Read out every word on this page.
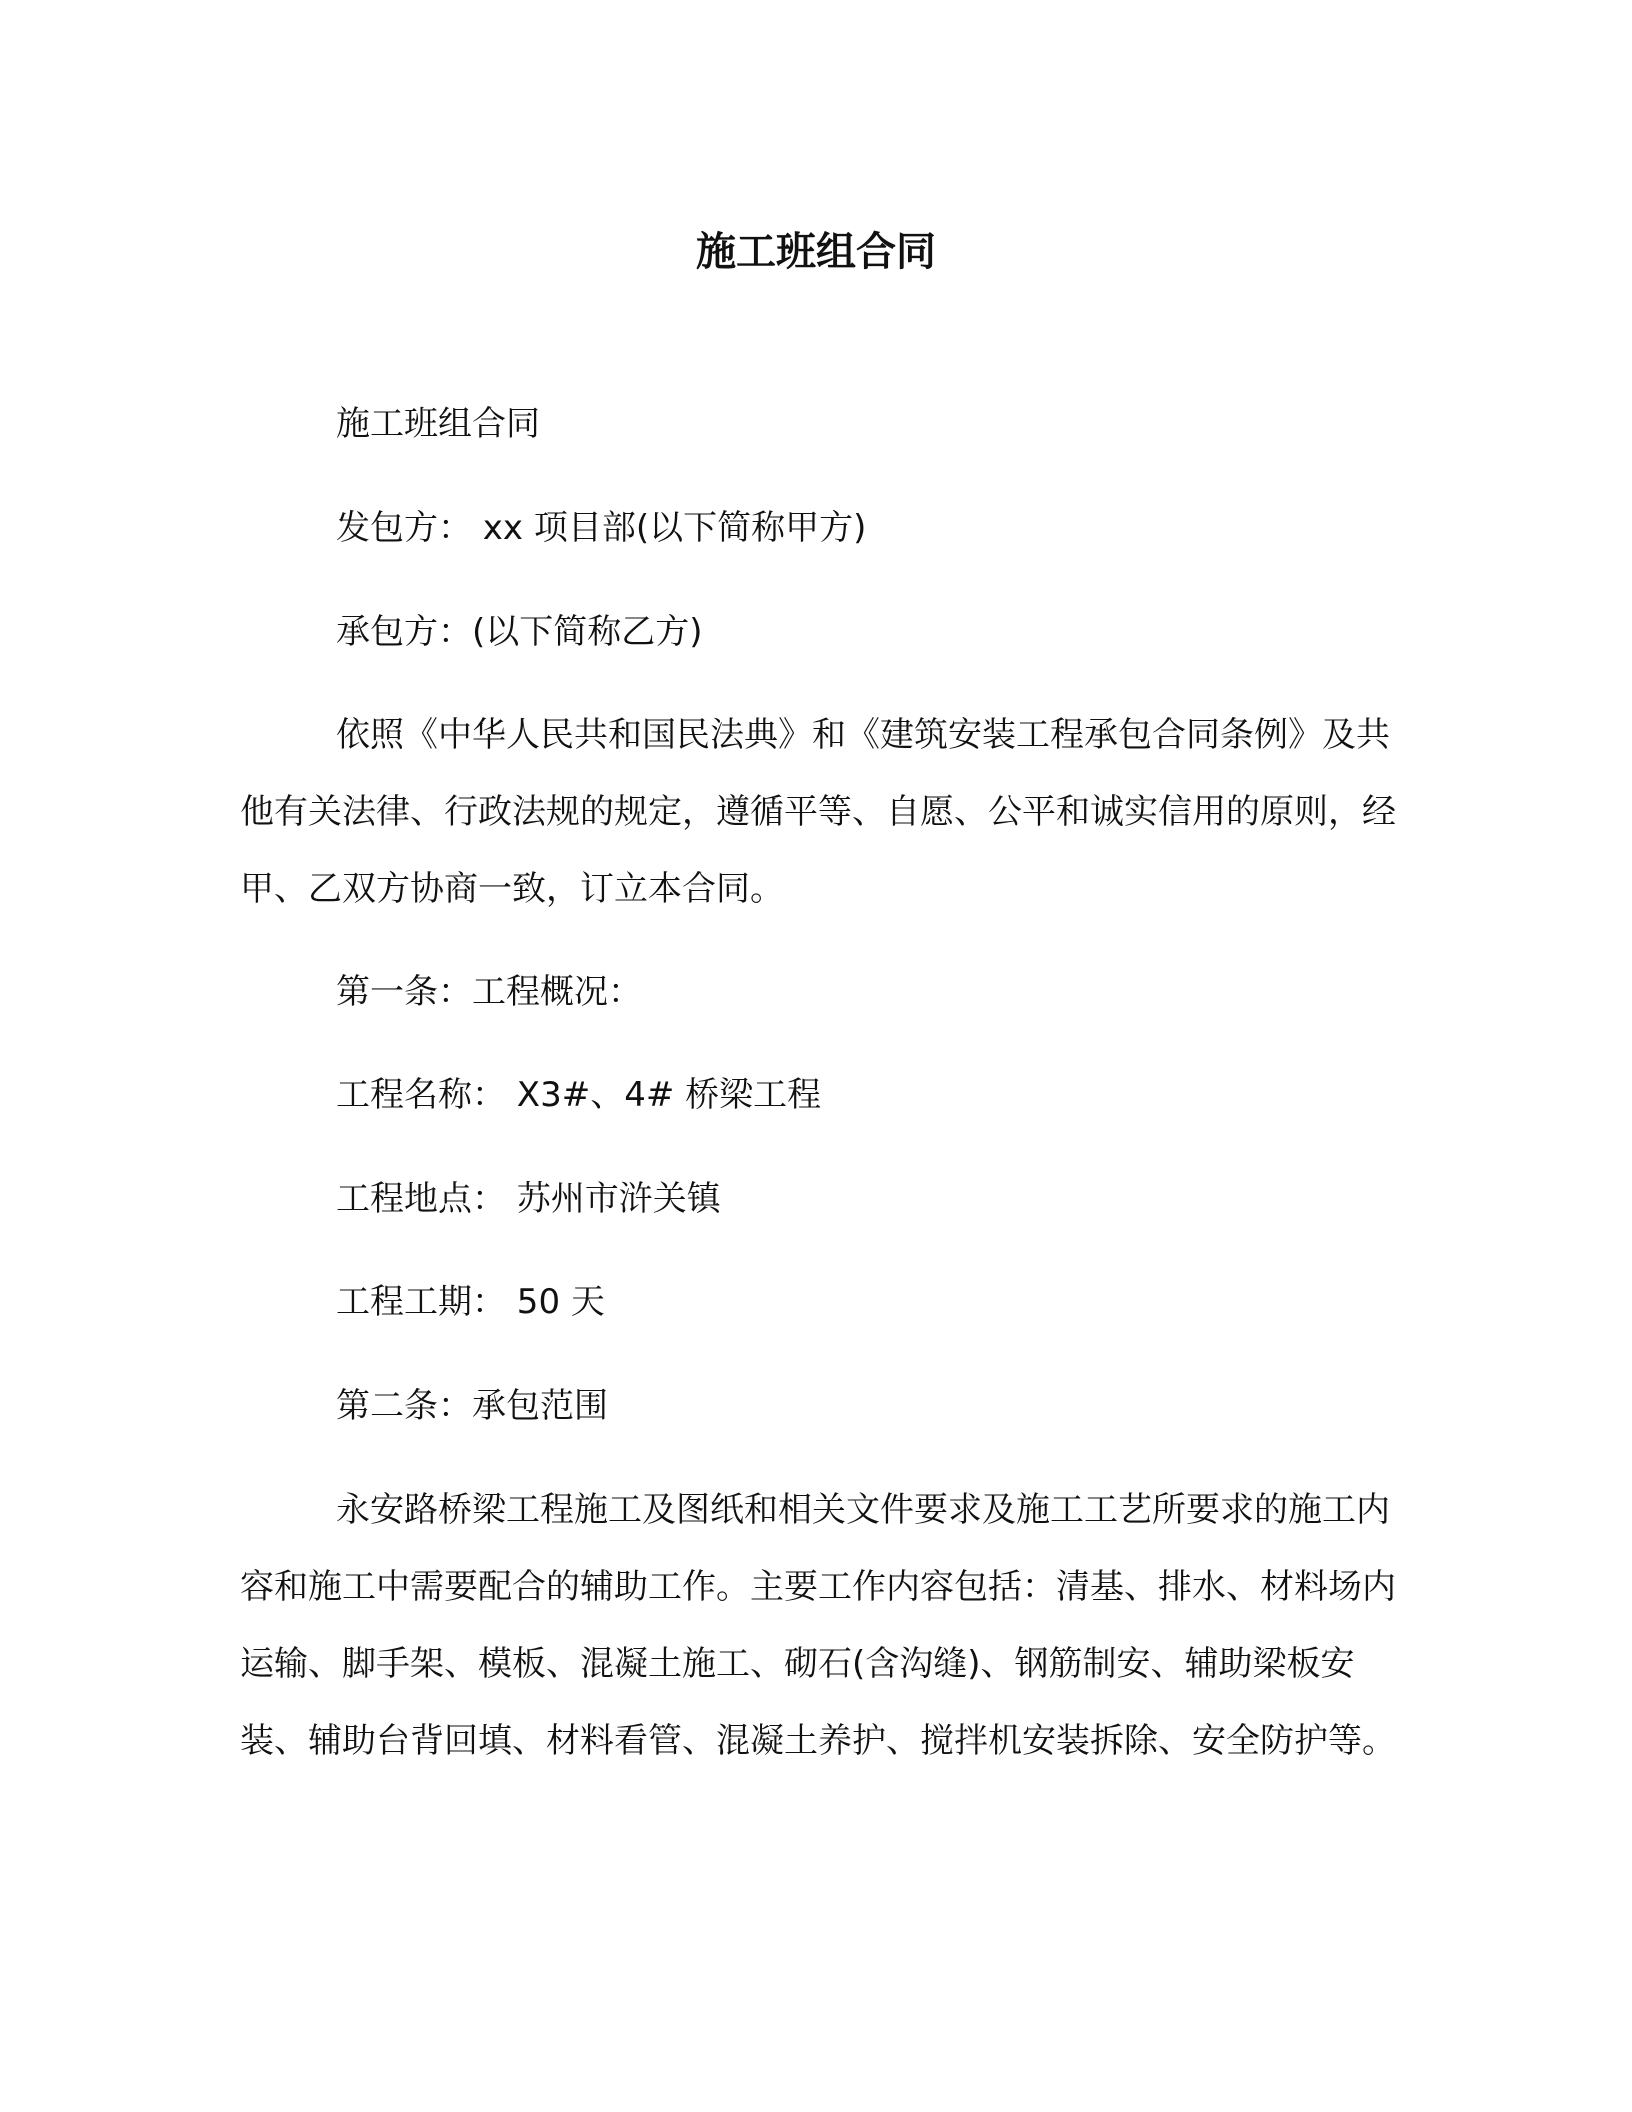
施工班组合同

施工班组合同

发包方： xx 项目部(以下简称甲方)

承包方：(以下简称乙方)

依照《中华人民共和国民法典》和《建筑安装工程承包合同条例》及共他有关法律、行政法规的规定，遵循平等、自愿、公平和诚实信用的原则，经甲、乙双方协商一致，订立本合同。

第一条：工程概况：

工程名称： X3#、4# 桥梁工程

工程地点： 苏州市浒关镇

工程工期： 50 天

第二条：承包范围

永安路桥梁工程施工及图纸和相关文件要求及施工工艺所要求的施工内容和施工中需要配合的辅助工作。主要工作内容包括：清基、排水、材料场内运输、脚手架、模板、混凝土施工、砌石(含沟缝)、钢筋制安、辅助梁板安装、辅助台背回填、材料看管、混凝土养护、搅拌机安装拆除、安全防护等。
